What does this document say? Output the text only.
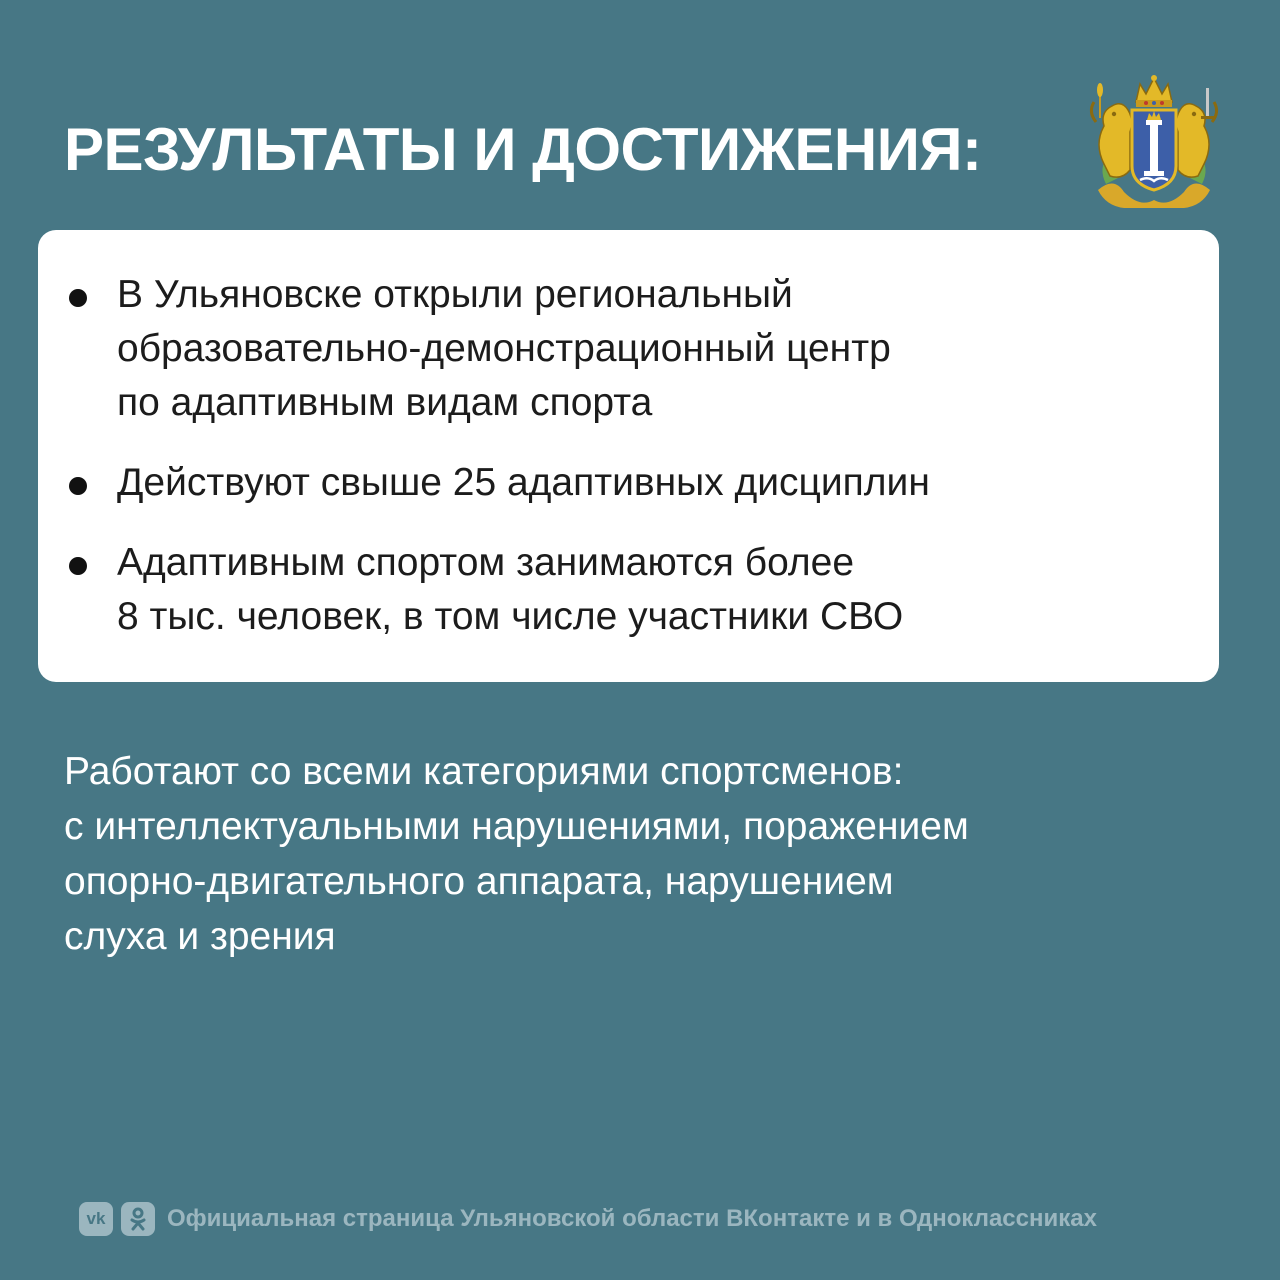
РЕЗУЛЬТАТЫ И ДОСТИЖЕНИЯ:
В Ульяновске открыли региональный
образовательно-демонстрационный центр
по адаптивным видам спорта
Действуют свыше 25 адаптивных дисциплин
Адаптивным спортом занимаются более
8 тыс. человек, в том числе участники СВО

Работают со всеми категориями спортсменов:
с интеллектуальными нарушениями, поражением
опорно-двигательного аппарата, нарушением
слуха и зрения

vk	Официальная страница Ульяновской области ВКонтакте и в Одноклассниках
